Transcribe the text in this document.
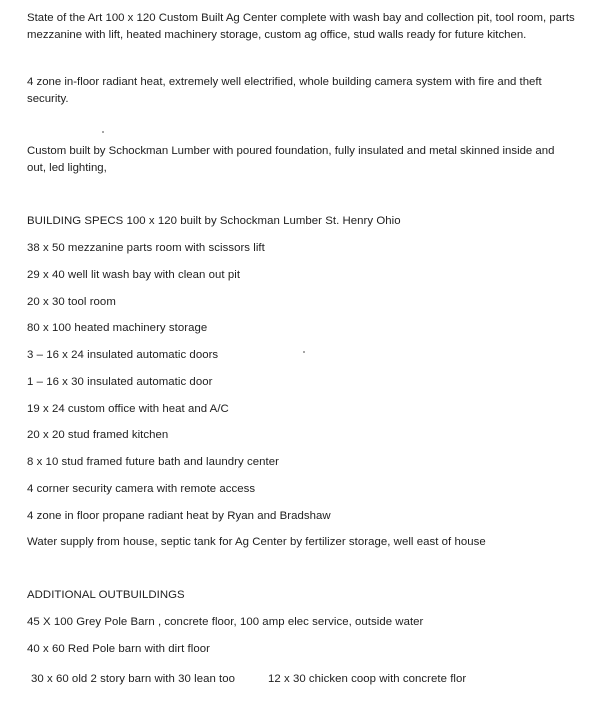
State of the Art 100 x 120 Custom Built Ag Center complete with wash bay and collection pit, tool room, parts mezzanine with lift, heated machinery storage, custom ag office, stud walls ready for future kitchen.
4 zone in-floor radiant heat, extremely well electrified, whole building camera system with fire and theft security.
Custom built by Schockman Lumber with poured foundation, fully insulated and metal skinned inside and out, led lighting,
BUILDING SPECS 100 x 120 built by Schockman Lumber St. Henry Ohio
38 x 50 mezzanine parts room with scissors lift
29 x 40 well lit wash bay with clean out pit
20 x 30 tool room
80 x 100 heated machinery storage
3 – 16 x 24 insulated automatic doors
1 – 16 x 30 insulated automatic door
19 x 24 custom office with heat and A/C
20 x 20 stud framed kitchen
8 x 10 stud framed future bath and laundry center
4 corner security camera with remote access
4 zone in floor propane radiant heat by Ryan and Bradshaw
Water supply from house, septic tank for Ag Center by fertilizer storage, well east of house
ADDITIONAL OUTBUILDINGS
45 X 100 Grey Pole Barn , concrete floor, 100 amp elec service, outside water
40 x 60 Red Pole barn with dirt floor
30 x 60 old 2 story barn with 30 lean too	12 x 30 chicken coop with concrete flor
